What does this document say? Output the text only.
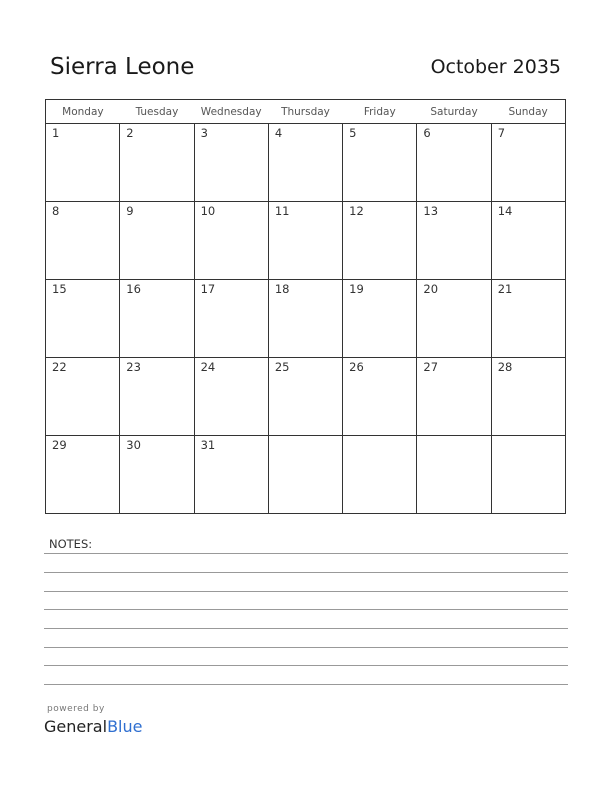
Sierra Leone	October 2035
Monday	Tuesday	Wednesday	Thursday	Friday	Saturday	Sunday

1	2	3	4	5	6	7

8	9	10	11	12	13	14

15	16	17	18	19	20	21

22	23	24	25	26	27	28

29	30	31				

NOTES:
powered by
GeneralBlue
